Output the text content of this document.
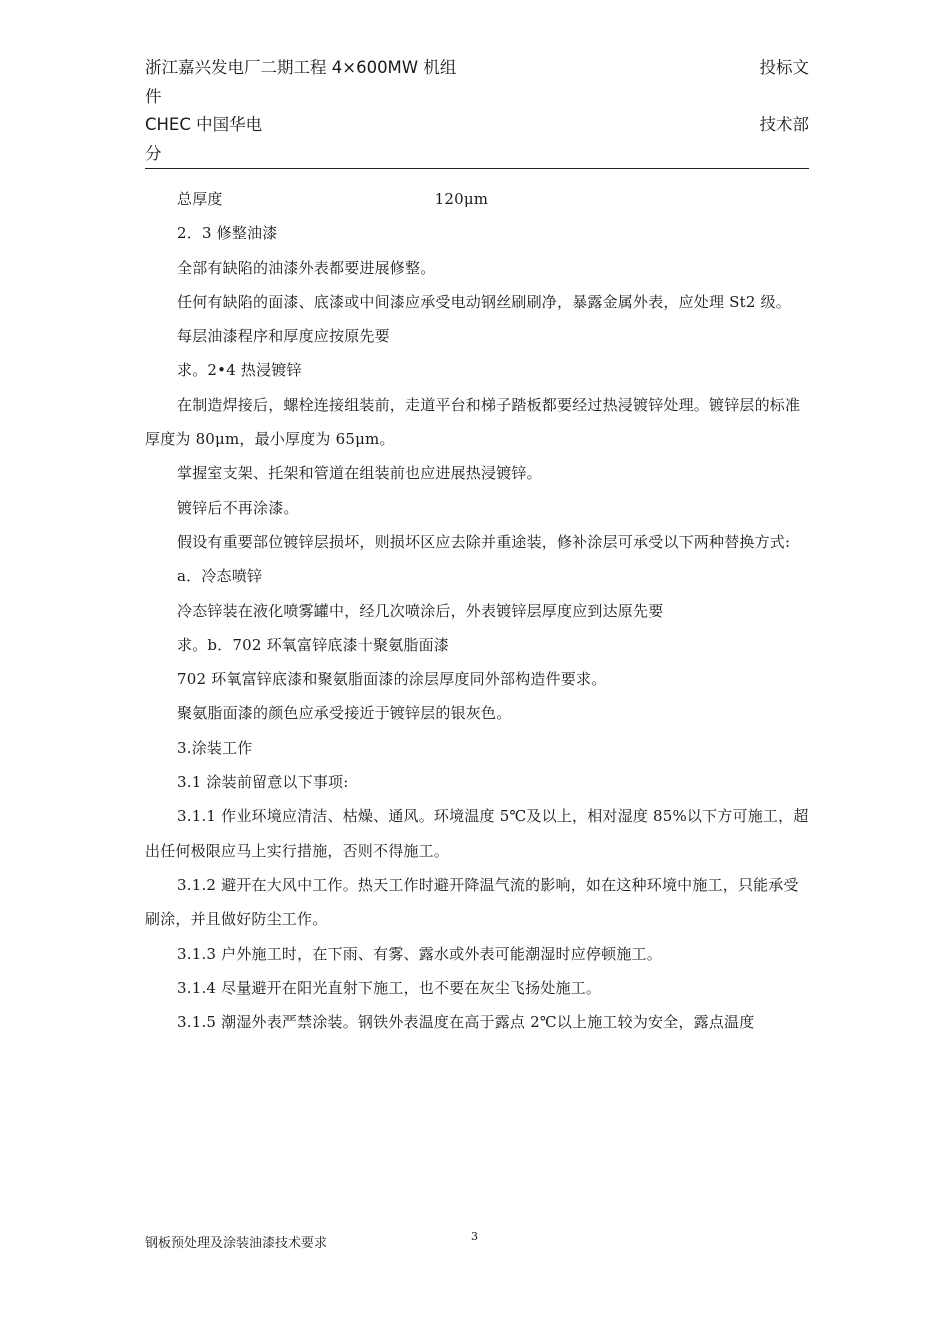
浙江嘉兴发电厂二期工程 4×600MW 机组
件
CHEC 中国华电
分
投标文
技术部

总厚度	120μm

2．3 修整油漆

全部有缺陷的油漆外表都要进展修整。

任何有缺陷的面漆、底漆或中间漆应承受电动钢丝刷刷净，暴露金属外表，应处理 St2 级。

每层油漆程序和厚度应按原先要

求。2•4 热浸镀锌

在制造焊接后，螺栓连接组装前，走道平台和梯子踏板都要经过热浸镀锌处理。镀锌层的标准厚度为 80μm，最小厚度为 65μm。

掌握室支架、托架和管道在组装前也应进展热浸镀锌。

镀锌后不再涂漆。

假设有重要部位镀锌层损坏，则损坏区应去除并重途装，修补涂层可承受以下两种替换方式:

a．冷态喷锌

冷态锌装在液化喷雾罐中，经几次喷涂后，外表镀锌层厚度应到达原先要

求。b．702 环氧富锌底漆十聚氨脂面漆

702 环氧富锌底漆和聚氨脂面漆的涂层厚度同外部构造件要求。

聚氨脂面漆的颜色应承受接近于镀锌层的银灰色。

3.涂装工作

3.1 涂装前留意以下事项:

3.1.1 作业环境应清洁、枯燥、通风。环境温度 5℃及以上，相对湿度 85%以下方可施工，超出任何极限应马上实行措施，否则不得施工。

3.1.2 避开在大风中工作。热天工作时避开降温气流的影响，如在这种环境中施工，只能承受刷涂，并且做好防尘工作。

3.1.3 户外施工时，在下雨、有雾、露水或外表可能潮湿时应停顿施工。

3.1.4 尽量避开在阳光直射下施工，也不要在灰尘飞扬处施工。

3.1.5 潮湿外表严禁涂装。钢铁外表温度在高于露点 2℃以上施工较为安全，露点温度

钢板预处理及涂装油漆技术要求	3
